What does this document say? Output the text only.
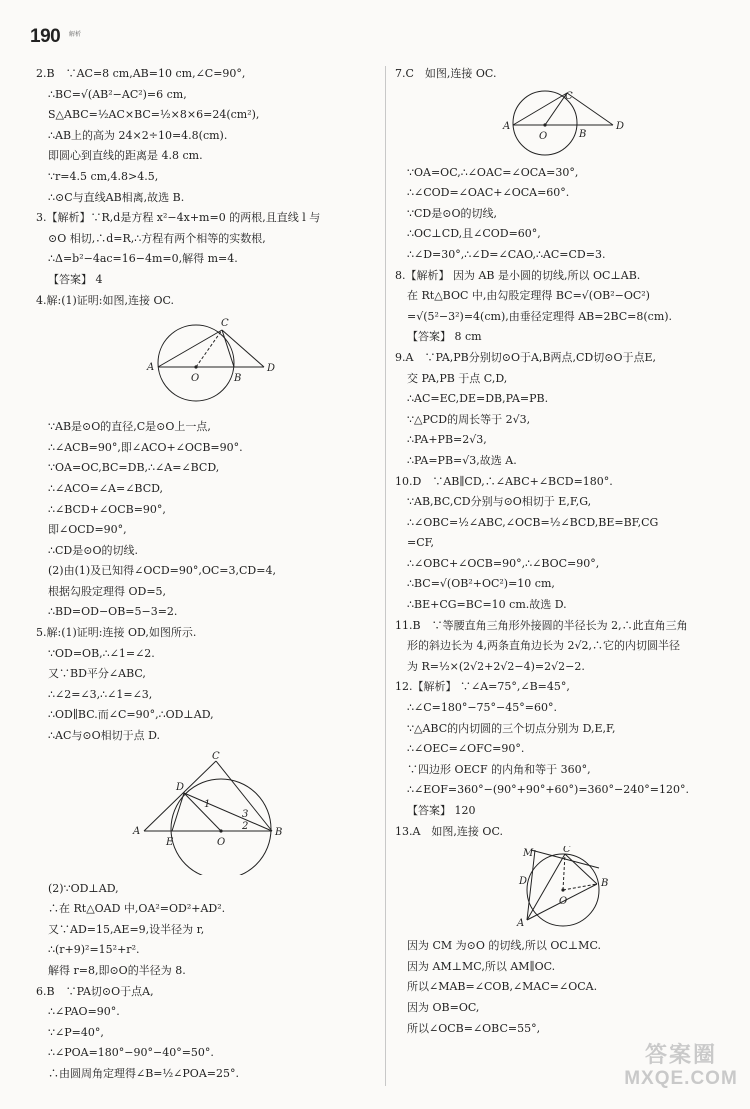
190 解析
2.B　∵AC=8 cm,AB=10 cm,∠C=90°,
∴BC=√(AB²−AC²)=6 cm,
S△ABC=½AC×BC=½×8×6=24(cm²),
∴AB上的高为 24×2÷10=4.8(cm).
即圆心到直线的距离是 4.8 cm.
∵r=4.5 cm,4.8>4.5,
∴⊙C与直线AB相离,故选 B.
3.【解析】∵R,d是方程 x²−4x+m=0 的两根,且直线 l 与
⊙O 相切,∴d=R,∴方程有两个相等的实数根,
∴Δ=b²−4ac=16−4m=0,解得 m=4.
【答案】 4
4.解:(1)证明:如图,连接 OC.
C
A
O	B
D
∵AB是⊙O的直径,C是⊙O上一点,
∴∠ACB=90°,即∠ACO+∠OCB=90°.
∵OA=OC,BC=DB,∴∠A=∠BCD,
∴∠ACO=∠A=∠BCD,
∴∠BCD+∠OCB=90°,
即∠OCD=90°,
∴CD是⊙O的切线.
(2)由(1)及已知得∠OCD=90°,OC=3,CD=4,
根据勾股定理得 OD=5,
∴BD=OD−OB=5−3=2.
5.解:(1)证明:连接 OD,如图所示.
∵OD=OB,∴∠1=∠2.
又∵BD平分∠ABC,
∴∠2=∠3,∴∠1=∠3,
∴OD∥BC.而∠C=90°,∴OD⊥AD,
∴AC与⊙O相切于点 D.
C
D
1
3
2
A
E	O
B
(2)∵OD⊥AD,
∴在 Rt△OAD 中,OA²=OD²+AD².
又∵AD=15,AE=9,设半径为 r,
∴(r+9)²=15²+r².
解得 r=8,即⊙O的半径为 8.
6.B　∵PA切⊙O于点A,
∴∠PAO=90°.
∵∠P=40°,
∴∠POA=180°−90°−40°=50°.
∴由圆周角定理得∠B=½∠POA=25°.
7.C　如图,连接 OC.
C
A
O	B
D
∵OA=OC,∴∠OAC=∠OCA=30°,
∴∠COD=∠OAC+∠OCA=60°.
∵CD是⊙O的切线,
∴OC⊥CD,且∠COD=60°,
∴∠D=30°,∴∠D=∠CAO,∴AC=CD=3.
8.【解析】 因为 AB 是小圆的切线,所以 OC⊥AB.
在 Rt△BOC 中,由勾股定理得 BC=√(OB²−OC²)
=√(5²−3²)=4(cm),由垂径定理得 AB=2BC=8(cm).
【答案】 8 cm
9.A　∵PA,PB分别切⊙O于A,B两点,CD切⊙O于点E,
交 PA,PB 于点 C,D,
∴AC=EC,DE=DB,PA=PB.
∵△PCD的周长等于 2√3,
∴PA+PB=2√3,
∴PA=PB=√3,故选 A.
10.D　∵AB∥CD,∴∠ABC+∠BCD=180°.
∵AB,BC,CD分别与⊙O相切于 E,F,G,
∴∠OBC=½∠ABC,∠OCB=½∠BCD,BE=BF,CG
=CF,
∴∠OBC+∠OCB=90°,∴∠BOC=90°,
∴BC=√(OB²+OC²)=10 cm,
∴BE+CG=BC=10 cm.故选 D.
11.B　∵等腰直角三角形外接圆的半径长为 2,∴此直角三角
形的斜边长为 4,两条直角边长为 2√2,∴它的内切圆半径
为 R=½×(2√2+2√2−4)=2√2−2.
12.【解析】 ∵∠A=75°,∠B=45°,
∴∠C=180°−75°−45°=60°.
∵△ABC的内切圆的三个切点分别为 D,E,F,
∴∠OEC=∠OFC=90°.
∵四边形 OECF 的内角和等于 360°,
∴∠EOF=360°−(90°+90°+60°)=360°−240°=120°.
【答案】 120
13.A　如图,连接 OC.
M	C
D	B
O
A
因为 CM 为⊙O 的切线,所以 OC⊥MC.
因为 AM⊥MC,所以 AM∥OC.
所以∠MAB=∠COB,∠MAC=∠OCA.
因为 OB=OC,
所以∠OCB=∠OBC=55°,
答案圈
MXQE.COM
